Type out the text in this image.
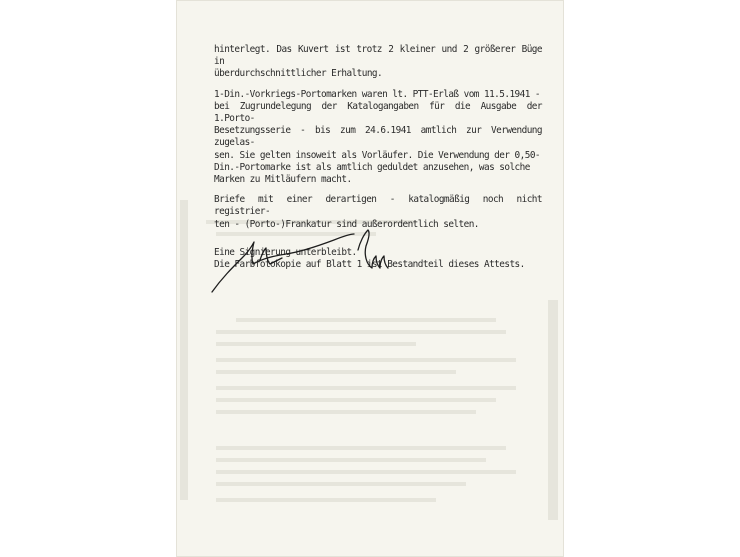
hinterlegt. Das Kuvert ist trotz 2 kleiner und 2 größerer Büge in
überdurchschnittlicher Erhaltung.

1-Din.-Vorkriegs-Portomarken waren lt. PTT-Erlaß vom 11.5.1941 -
bei Zugrundelegung der Katalogangaben für die Ausgabe der 1.Porto-
Besetzungsserie - bis zum 24.6.1941 amtlich zur Verwendung zugelas-
sen. Sie gelten insoweit als Vorläufer. Die Verwendung der 0,50-
Din.-Portomarke ist als amtlich geduldet anzusehen, was solche
Marken zu Mitläufern macht.

Briefe mit einer derartigen - katalogmäßig noch nicht registrier-
ten - (Porto-)Frankatur sind außerordentlich selten.

Eine Signierung unterbleibt.

Die Farbfotokopie auf Blatt 1 ist Bestandteil dieses Attests.
